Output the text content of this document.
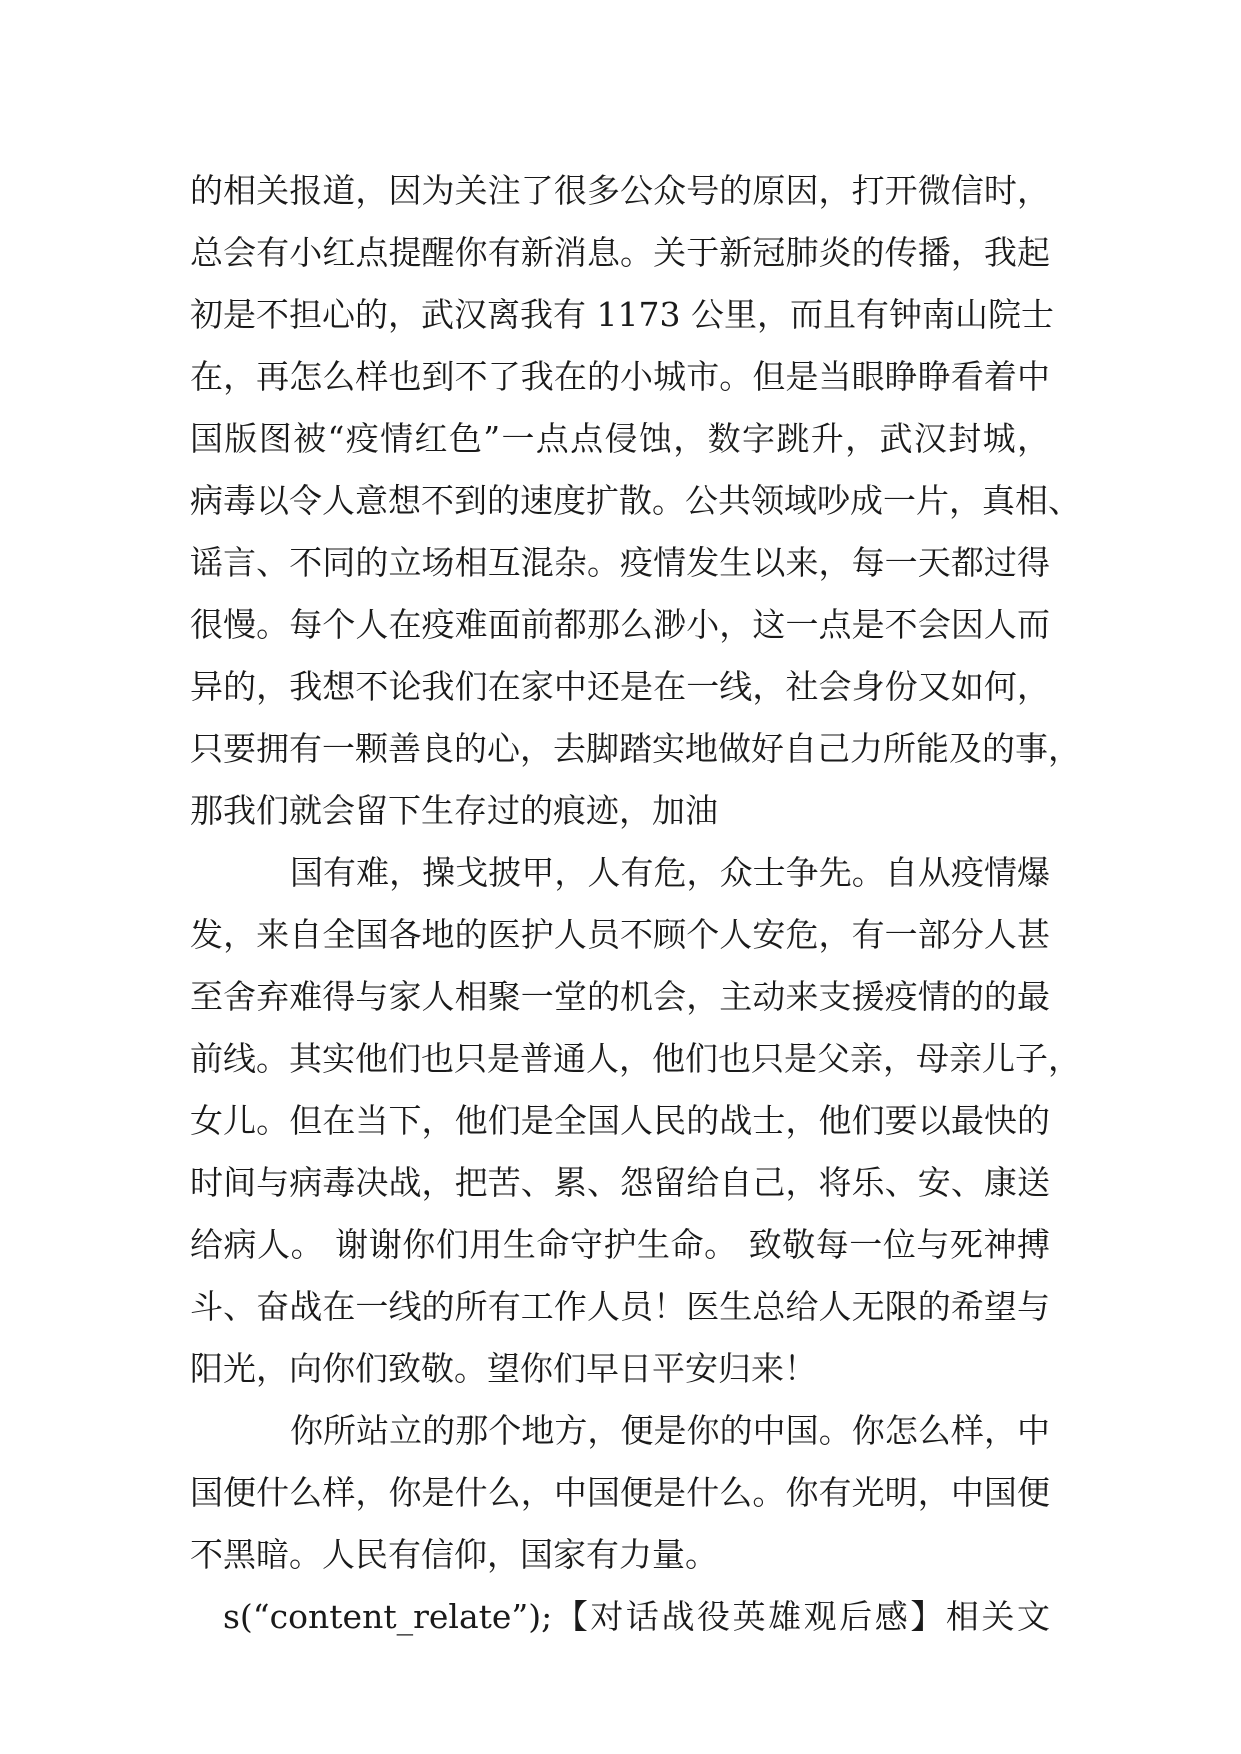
的相关报道，因为关注了很多公众号的原因，打开微信时，
总会有小红点提醒你有新消息。关于新冠肺炎的传播，我起
初是不担心的，武汉离我有 1173 公里，而且有钟南山院士
在，再怎么样也到不了我在的小城市。但是当眼睁睁看着中
国版图被“疫情红色”一点点侵蚀，数字跳升，武汉封城，
病毒以令人意想不到的速度扩散。公共领域吵成一片，真相、
谣言、不同的立场相互混杂。疫情发生以来，每一天都过得
很慢。每个人在疫难面前都那么渺小，这一点是不会因人而
异的，我想不论我们在家中还是在一线，社会身份又如何，
只要拥有一颗善良的心，去脚踏实地做好自己力所能及的事，
那我们就会留下生存过的痕迹，加油
国有难，操戈披甲，人有危，众士争先。自从疫情爆
发，来自全国各地的医护人员不顾个人安危，有一部分人甚
至舍弃难得与家人相聚一堂的机会，主动来支援疫情的的最
前线。其实他们也只是普通人，他们也只是父亲，母亲儿子，
女儿。但在当下，他们是全国人民的战士，他们要以最快的
时间与病毒决战，把苦、累、怨留给自己，将乐、安、康送
给病人。 谢谢你们用生命守护生命。 致敬每一位与死神搏
斗、奋战在一线的所有工作人员！医生总给人无限的希望与
阳光，向你们致敬。望你们早日平安归来！
你所站立的那个地方，便是你的中国。你怎么样，中
国便什么样，你是什么，中国便是什么。你有光明，中国便
不黑暗。人民有信仰，国家有力量。
s(“content_relate”);【对话战役英雄观后感】相关文
